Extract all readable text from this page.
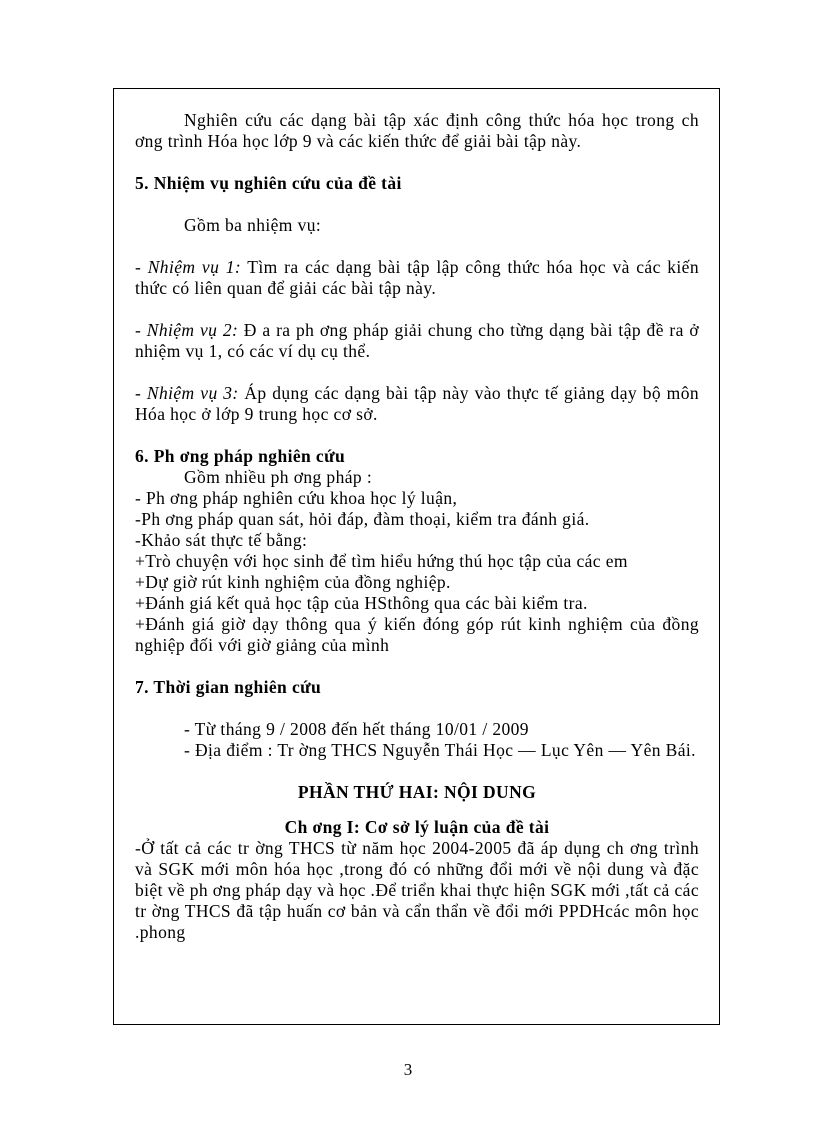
Nghiên cứu các dạng bài tập xác định công thức hóa học trong ch ơng trình Hóa học lớp 9 và các kiến thức để giải bài tập này.

5. Nhiệm vụ nghiên cứu của đề tài

Gồm ba nhiệm vụ:

- Nhiệm vụ 1: Tìm ra các dạng bài tập lập công thức hóa học và các kiến thức có liên quan để giải các bài tập này.

- Nhiệm vụ 2: Đ a ra ph ơng pháp giải chung cho từng dạng bài tập đề ra ở nhiệm vụ 1, có các ví dụ cụ thể.

- Nhiệm vụ 3: Áp dụng các dạng bài tập này vào thực tế giảng dạy bộ môn Hóa học ở lớp 9 trung học cơ sở.

6. Ph ơng pháp nghiên cứu

Gồm nhiều ph ơng pháp :

- Ph ơng pháp nghiên cứu khoa học lý luận,

-Ph ơng pháp quan sát, hỏi đáp, đàm thoại, kiểm tra đánh giá.

-Khảo sát thực tế bằng:

+Trò chuyện với học sinh để tìm hiểu hứng thú học tập của các em

+Dự giờ rút kinh nghiệm của đồng nghiệp.

+Đánh giá kết quả học tập của HSthông qua các bài kiểm tra.

+Đánh giá giờ dạy thông qua ý kiến đóng góp rút kinh nghiệm của đồng nghiệp đối với giờ giảng của mình

7. Thời gian nghiên cứu

- Từ tháng 9 / 2008 đến hết tháng 10/01 / 2009

- Địa điểm : Tr ờng THCS Nguyễn Thái Học — Lục Yên — Yên Bái.

PHẦN THỨ HAI: NỘI DUNG

Ch ơng I: Cơ sở lý luận của đề tài

-Ở tất cả các tr ờng THCS từ năm học 2004-2005 đã áp dụng ch ơng trình và SGK mới môn hóa học ,trong đó có những đổi mới về nội dung và đặc biệt về ph ơng pháp dạy và học .Để triển khai thực hiện SGK mới ,tất cả các tr ờng THCS đã tập huấn cơ bản và cẩn thẩn về đổi mới PPDHcác môn học .phong

3
